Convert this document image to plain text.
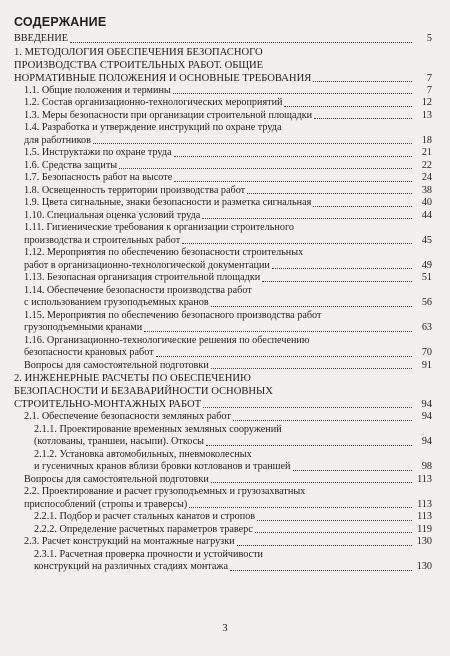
СОДЕРЖАНИЕ
ВВЕДЕНИЕ	5
1. МЕТОДОЛОГИЯ ОБЕСПЕЧЕНИЯ БЕЗОПАСНОГО
ПРОИЗВОДСТВА СТРОИТЕЛЬНЫХ РАБОТ. ОБЩИЕ
НОРМАТИВНЫЕ ПОЛОЖЕНИЯ И ОСНОВНЫЕ ТРЕБОВАНИЯ	7
1.1. Общие положения и термины	7
1.2. Состав организационно-технологических мероприятий	12
1.3. Меры безопасности при организации строительной площадки	13
1.4. Разработка и утверждение инструкций по охране труда
для работников	18
1.5. Инструктажи по охране труда	21
1.6. Средства защиты	22
1.7. Безопасность работ на высоте	24
1.8. Освещенность территории производства работ	38
1.9. Цвета сигнальные, знаки безопасности и разметка сигнальная	40
1.10. Специальная оценка условий труда	44
1.11. Гигиенические требования к организации строительного
производства и строительных работ	45
1.12. Мероприятия по обеспечению безопасности строительных
работ в организационно-технологической документации	49
1.13. Безопасная организация строительной площадки	51
1.14. Обеспечение безопасности производства работ
с использованием грузоподъемных кранов	56
1.15. Мероприятия по обеспечению безопасного производства работ
грузоподъемными кранами	63
1.16. Организационно-технологические решения по обеспечению
безопасности крановых работ	70
Вопросы для самостоятельной подготовки	91
2. ИНЖЕНЕРНЫЕ РАСЧЕТЫ ПО ОБЕСПЕЧЕНИЮ
БЕЗОПАСНОСТИ И БЕЗАВАРИЙНОСТИ ОСНОВНЫХ
СТРОИТЕЛЬНО-МОНТАЖНЫХ РАБОТ	94
2.1. Обеспечение безопасности земляных работ	94
2.1.1. Проектирование временных земляных сооружений
(котлованы, траншеи, насыпи). Откосы	94
2.1.2. Установка автомобильных, пневмоколесных
и гусеничных кранов вблизи бровки котлованов и траншей	98
Вопросы для самостоятельной подготовки	113
2.2. Проектирование и расчет грузоподъемных и грузозахватных
приспособлений (стропы и траверсы)	113
2.2.1. Подбор и расчет стальных канатов и стропов	113
2.2.2. Определение расчетных параметров траверс	119
2.3. Расчет конструкций на монтажные нагрузки	130
2.3.1. Расчетная проверка прочности и устойчивости
конструкций на различных стадиях монтажа	130
3
